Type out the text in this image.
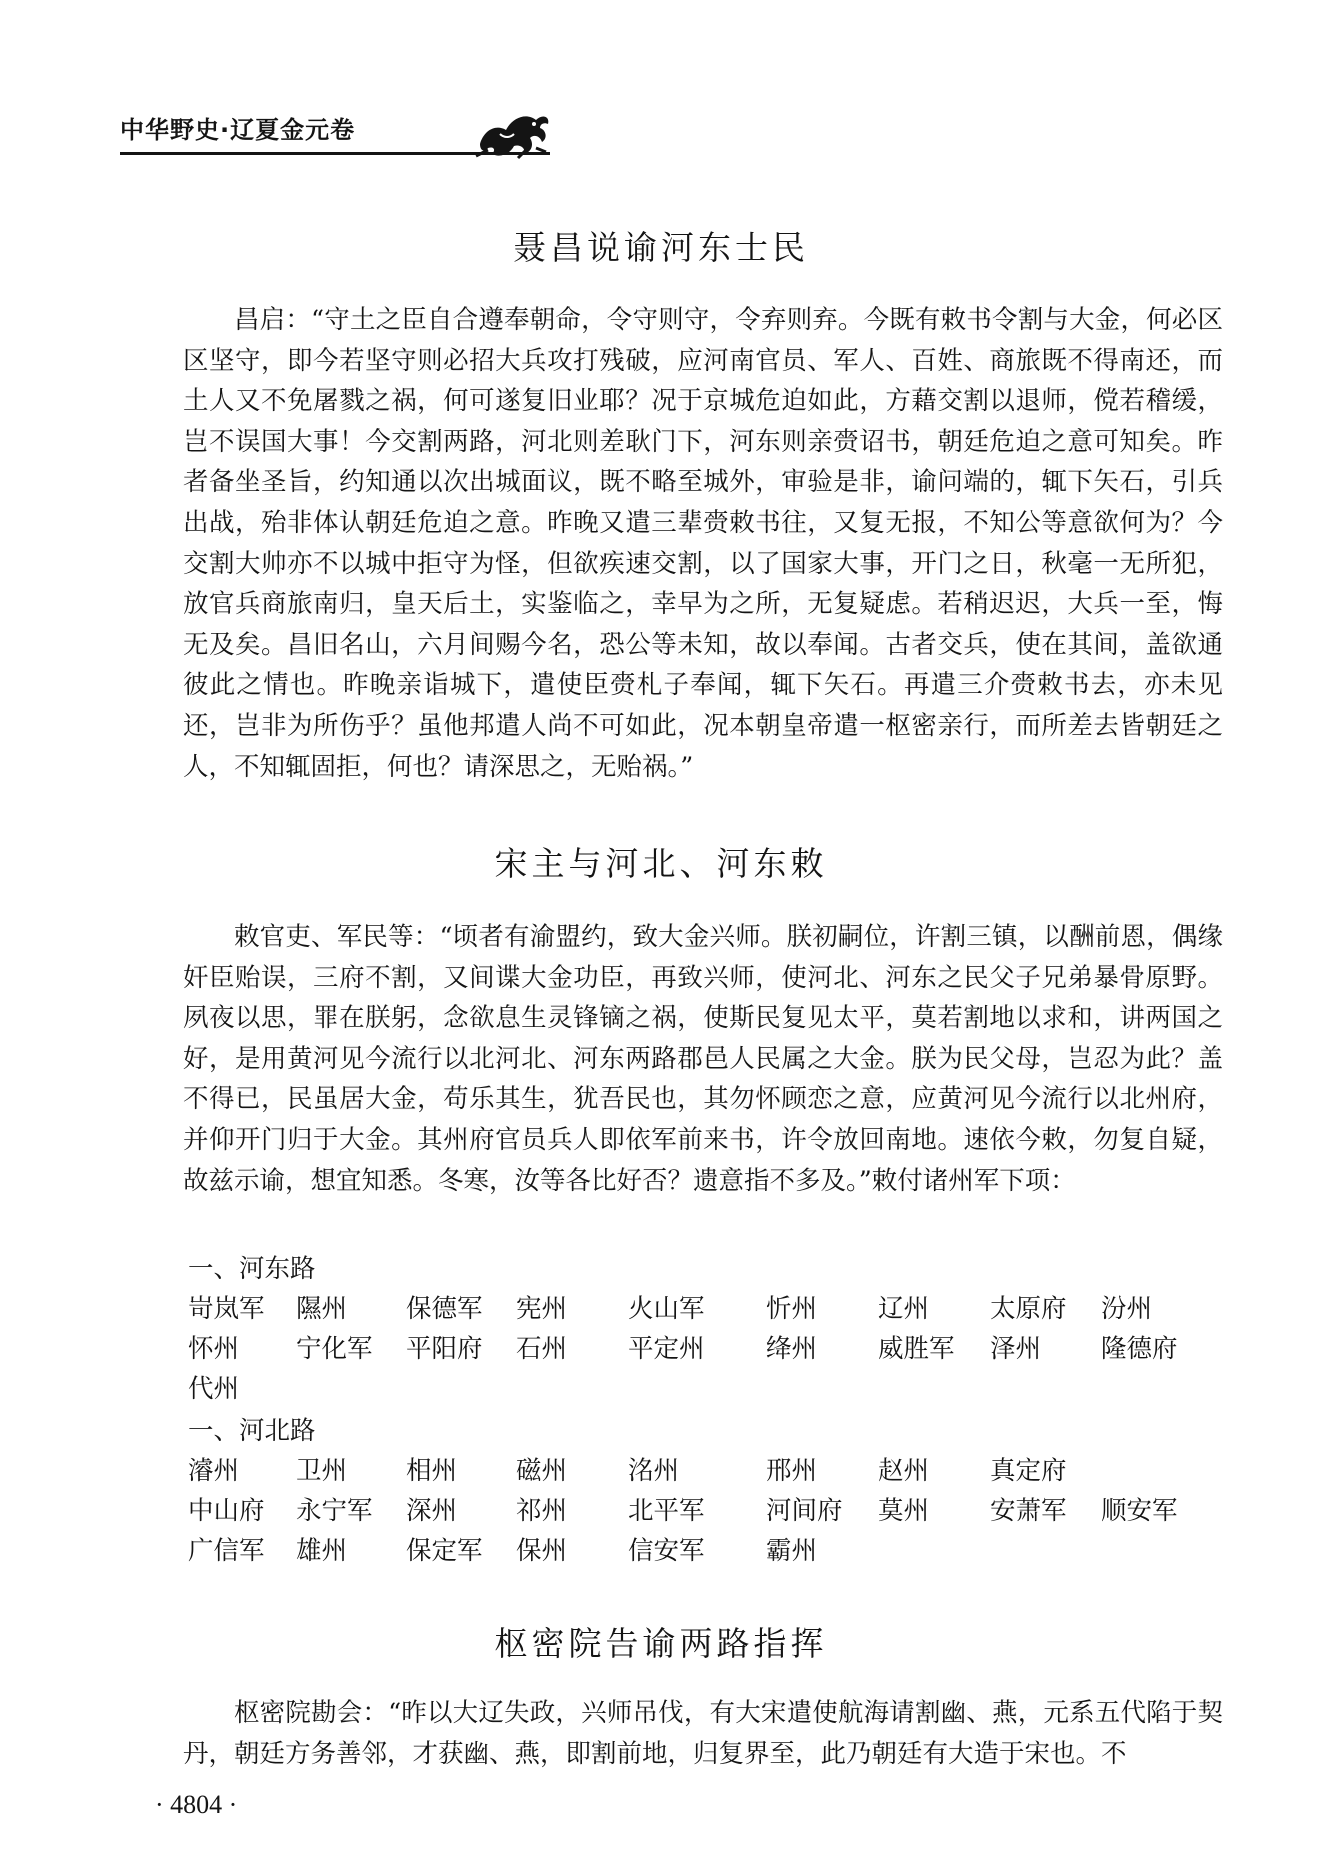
中华野史·辽夏金元卷
聂昌说谕河东士民

昌启：“守土之臣自合遵奉朝命，令守则守，令弃则弃。今既有敕书令割与大金，何必区区坚守，即今若坚守则必招大兵攻打残破，应河南官员、军人、百姓、商旅既不得南还，而土人又不免屠戮之祸，何可遂复旧业耶？况于京城危迫如此，方藉交割以退师，傥若稽缓，岂不误国大事！今交割两路，河北则差耿门下，河东则亲赍诏书，朝廷危迫之意可知矣。昨者备坐圣旨，约知通以次出城面议，既不略至城外，审验是非，谕问端的，辄下矢石，引兵出战，殆非体认朝廷危迫之意。昨晚又遣三辈赍敕书往，又复无报，不知公等意欲何为？今交割大帅亦不以城中拒守为怪，但欲疾速交割，以了国家大事，开门之日，秋毫一无所犯，放官兵商旅南归，皇天后土，实鉴临之，幸早为之所，无复疑虑。若稍迟迟，大兵一至，悔无及矣。昌旧名山，六月间赐今名，恐公等未知，故以奉闻。古者交兵，使在其间，盖欲通彼此之情也。昨晚亲诣城下，遣使臣赍札子奉闻，辄下矢石。再遣三介赍敕书去，亦未见还，岂非为所伤乎？虽他邦遣人尚不可如此，况本朝皇帝遣一枢密亲行，而所差去皆朝廷之人，不知辄固拒，何也？请深思之，无贻祸。”

宋主与河北、河东敕

敕官吏、军民等：“顷者有渝盟约，致大金兴师。朕初嗣位，许割三镇，以酬前恩，偶缘奸臣贻误，三府不割，又间谍大金功臣，再致兴师，使河北、河东之民父子兄弟暴骨原野。夙夜以思，罪在朕躬，念欲息生灵锋镝之祸，使斯民复见太平，莫若割地以求和，讲两国之好，是用黄河见今流行以北河北、河东两路郡邑人民属之大金。朕为民父母，岂忍为此？盖不得已，民虽居大金，苟乐其生，犹吾民也，其勿怀顾恋之意，应黄河见今流行以北州府，并仰开门归于大金。其州府官员兵人即依军前来书，许令放回南地。速依今敕，勿复自疑，故兹示谕，想宜知悉。冬寒，汝等各比好否？遗意指不多及。”敕付诸州军下项：

一、河东路
岢岚军 隰州 保德军 宪州 火山军 忻州 辽州 太原府 汾州
怀州 宁化军 平阳府 石州 平定州 绛州 威胜军 泽州 隆德府
代州
一、河北路
濬州 卫州 相州 磁州 洺州	邢州 赵州 真定府
中山府 永宁军 深州 祁州 北平军 河间府 莫州 安萧军 顺安军
广信军 雄州 保定军 保州 信安军 霸州
枢密院告谕两路指挥

枢密院勘会：“昨以大辽失政，兴师吊伐，有大宋遣使航海请割幽、燕，元系五代陷于契丹，朝廷方务善邻，才获幽、燕，即割前地，归复界至，此乃朝廷有大造于宋也。不

· 4804 ·
